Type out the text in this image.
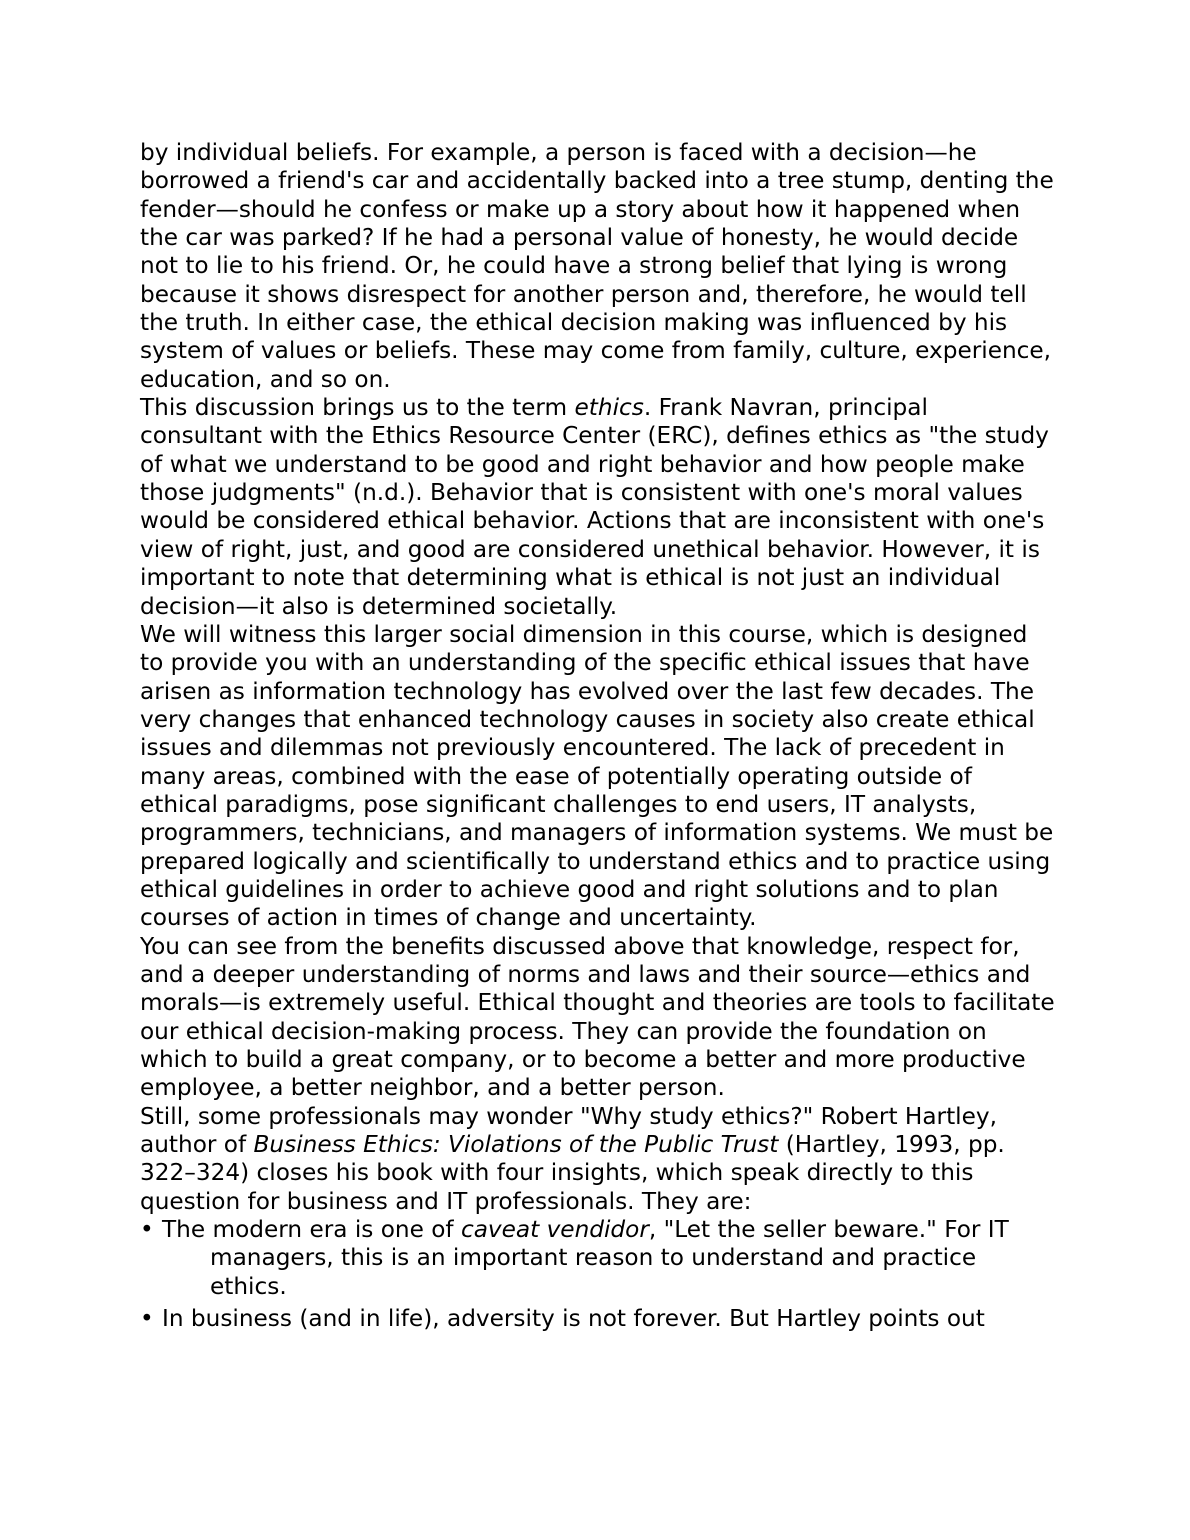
by individual beliefs. For example, a person is faced with a decision—he borrowed a friend's car and accidentally backed into a tree stump, denting the fender—should he confess or make up a story about how it happened when the car was parked? If he had a personal value of honesty, he would decide not to lie to his friend. Or, he could have a strong belief that lying is wrong because it shows disrespect for another person and, therefore, he would tell the truth. In either case, the ethical decision making was influenced by his system of values or beliefs. These may come from family, culture, experience, education, and so on.

This discussion brings us to the term ethics. Frank Navran, principal consultant with the Ethics Resource Center (ERC), defines ethics as "the study of what we understand to be good and right behavior and how people make those judgments" (n.d.). Behavior that is consistent with one's moral values would be considered ethical behavior. Actions that are inconsistent with one's view of right, just, and good are considered unethical behavior. However, it is important to note that determining what is ethical is not just an individual decision—it also is determined societally.

We will witness this larger social dimension in this course, which is designed to provide you with an understanding of the specific ethical issues that have arisen as information technology has evolved over the last few decades. The very changes that enhanced technology causes in society also create ethical issues and dilemmas not previously encountered. The lack of precedent in many areas, combined with the ease of potentially operating outside of ethical paradigms, pose significant challenges to end users, IT analysts, programmers, technicians, and managers of information systems. We must be prepared logically and scientifically to understand ethics and to practice using ethical guidelines in order to achieve good and right solutions and to plan courses of action in times of change and uncertainty.

You can see from the benefits discussed above that knowledge, respect for, and a deeper understanding of norms and laws and their source—ethics and morals—is extremely useful. Ethical thought and theories are tools to facilitate our ethical decision-making process. They can provide the foundation on which to build a great company, or to become a better and more productive employee, a better neighbor, and a better person.

Still, some professionals may wonder "Why study ethics?" Robert Hartley, author of Business Ethics: Violations of the Public Trust (Hartley, 1993, pp. 322–324) closes his book with four insights, which speak directly to this question for business and IT professionals. They are:

• The modern era is one of caveat vendidor, "Let the seller beware." For IT managers, this is an important reason to understand and practice ethics.

• In business (and in life), adversity is not forever. But Hartley points out
